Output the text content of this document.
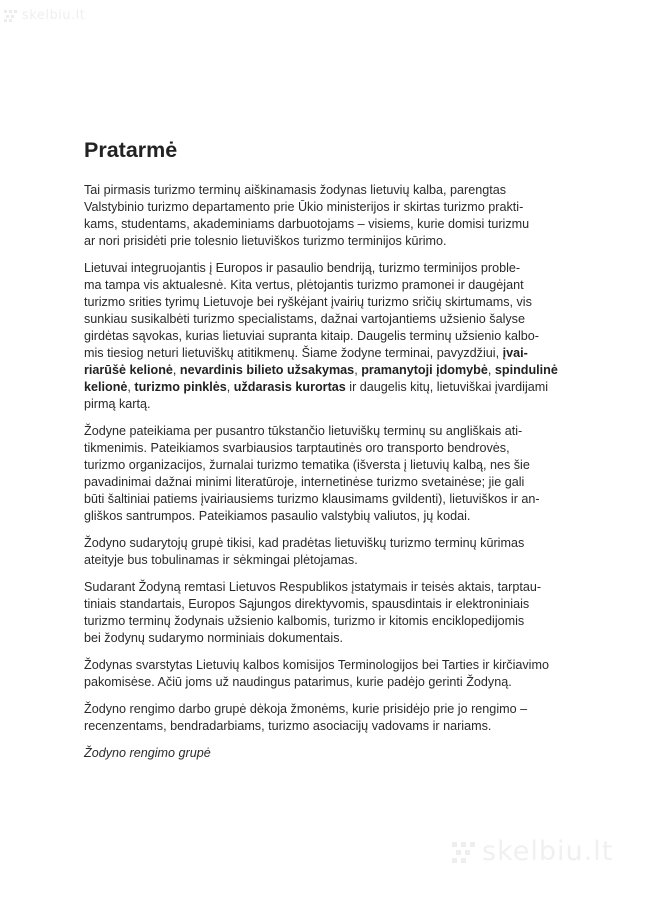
skelbiu.lt
skelbiu.lt
Pratarmė

Tai pirmasis turizmo terminų aiškinamasis žodynas lietuvių kalba, parengtas
Valstybinio turizmo departamento prie Ūkio ministerijos ir skirtas turizmo prakti-
kams, studentams, akademiniams darbuotojams – visiems, kurie domisi turizmu
ar nori prisidėti prie tolesnio lietuviškos turizmo terminijos kūrimo.

Lietuvai integruojantis į Europos ir pasaulio bendriją, turizmo terminijos proble-
ma tampa vis aktualesnė. Kita vertus, plėtojantis turizmo pramonei ir daugėjant
turizmo srities tyrimų Lietuvoje bei ryškėjant įvairių turizmo sričių skirtumams, vis
sunkiau susikalbėti turizmo specialistams, dažnai vartojantiems užsienio šalyse
girdėtas sąvokas, kurias lietuviai supranta kitaip. Daugelis terminų užsienio kalbo-
mis tiesiog neturi lietuviškų atitikmenų. Šiame žodyne terminai, pavyzdžiui, įvai-
riarūšė kelionė, nevardinis bilieto užsakymas, pramanytoji įdomybė, spindulinė
kelionė, turizmo pinklės, uždarasis kurortas ir daugelis kitų, lietuviškai įvardijami
pirmą kartą.

Žodyne pateikiama per pusantro tūkstančio lietuviškų terminų su angliškais ati-
tikmenimis. Pateikiamos svarbiausios tarptautinės oro transporto bendrovės,
turizmo organizacijos, žurnalai turizmo tematika (išversta į lietuvių kalbą, nes šie
pavadinimai dažnai minimi literatūroje, internetinėse turizmo svetainėse; jie gali
būti šaltiniai patiems įvairiausiems turizmo klausimams gvildenti), lietuviškos ir an-
gliškos santrumpos. Pateikiamos pasaulio valstybių valiutos, jų kodai.

Žodyno sudarytojų grupė tikisi, kad pradėtas lietuviškų turizmo terminų kūrimas
ateityje bus tobulinamas ir sėkmingai plėtojamas.

Sudarant Žodyną remtasi Lietuvos Respublikos įstatymais ir teisės aktais, tarptau-
tiniais standartais, Europos Sąjungos direktyvomis, spausdintais ir elektroniniais
turizmo terminų žodynais užsienio kalbomis, turizmo ir kitomis enciklopedijomis
bei žodynų sudarymo norminiais dokumentais.

Žodynas svarstytas Lietuvių kalbos komisijos Terminologijos bei Tarties ir kirčiavimo
pakomisėse. Ačiū joms už naudingus patarimus, kurie padėjo gerinti Žodyną.

Žodyno rengimo darbo grupė dėkoja žmonėms, kurie prisidėjo prie jo rengimo –
recenzentams, bendradarbiams, turizmo asociacijų vadovams ir nariams.

Žodyno rengimo grupė
